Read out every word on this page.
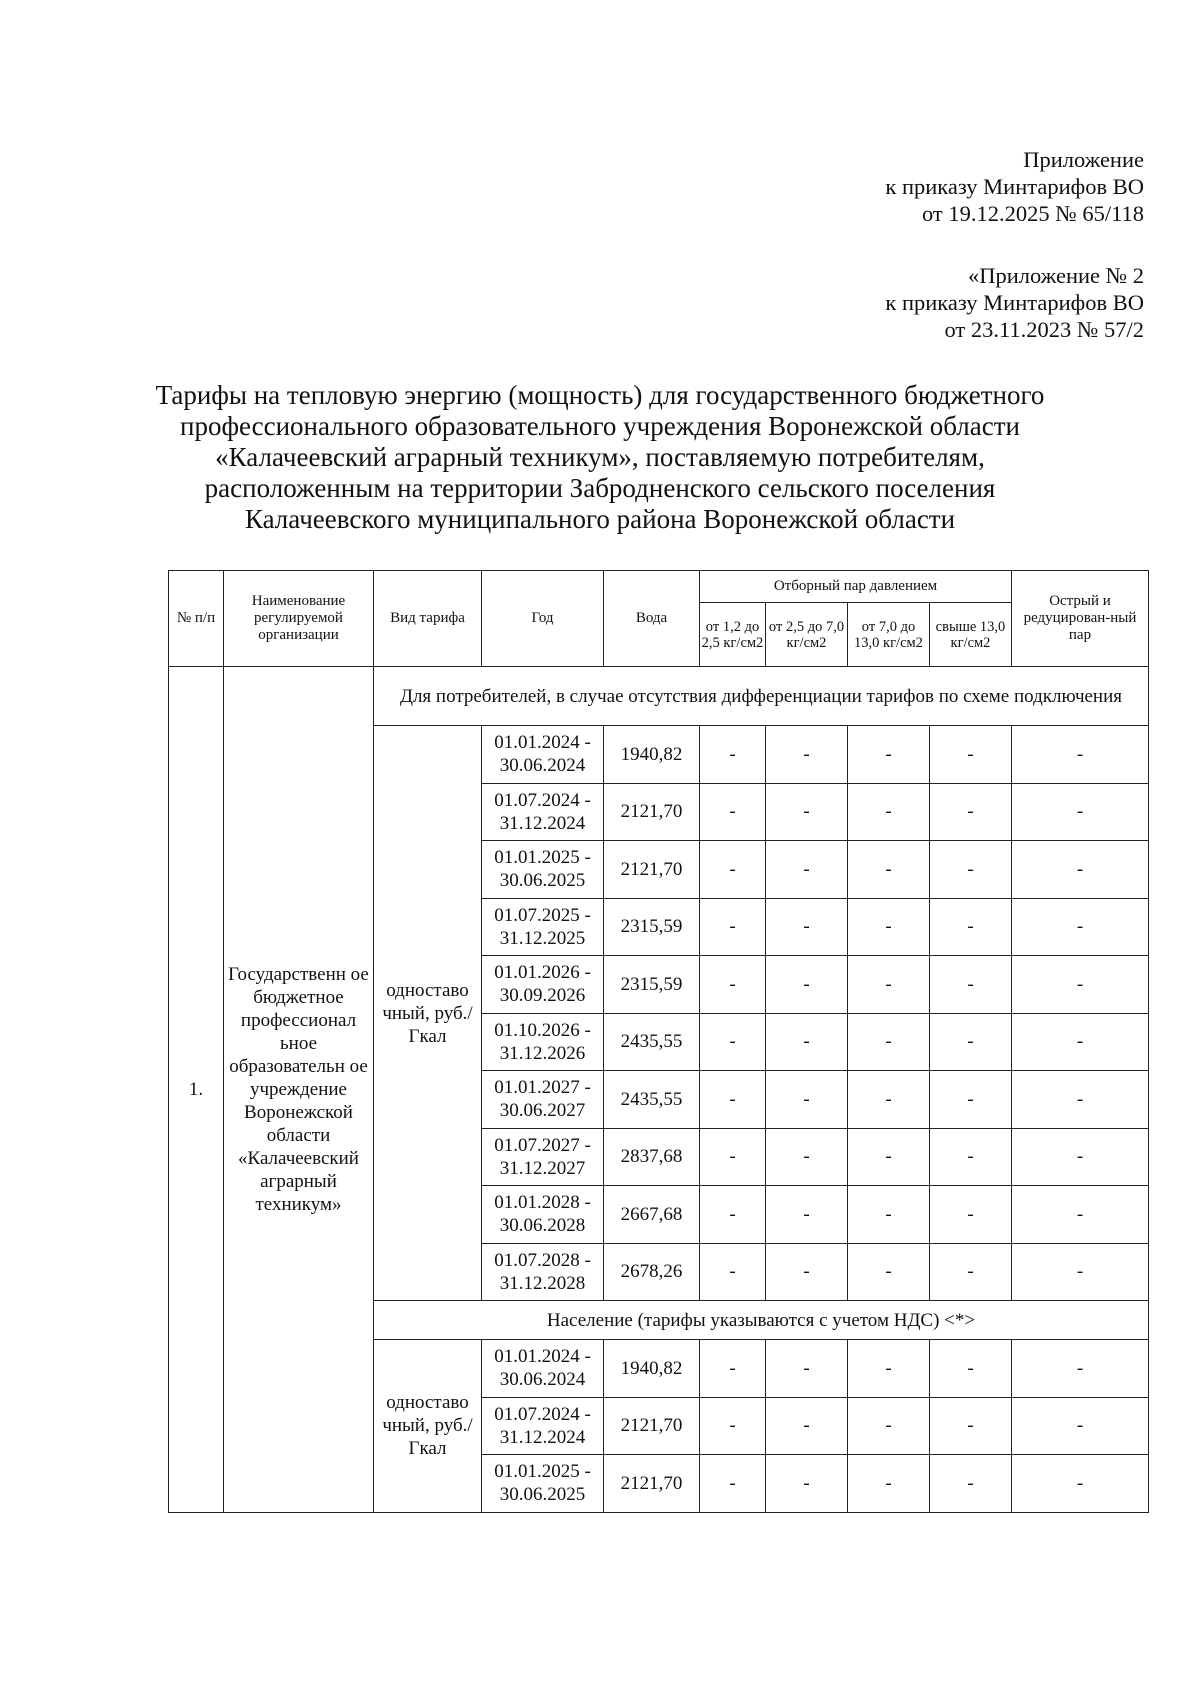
Приложение
к приказу Минтарифов ВО
от 19.12.2025 № 65/118
«Приложение № 2
к приказу Минтарифов ВО
от 23.11.2023 № 57/2
Тарифы на тепловую энергию (мощность) для государственного бюджетного
профессионального образовательного учреждения Воронежской области
«Калачеевский аграрный техникум», поставляемую потребителям,
расположенным на территории Забродненского сельского поселения
Калачеевского муниципального района Воронежской области
№ п/п	Наименование регулируемой организации	Вид тарифа	Год	Вода	Отборный пар давлением				Острый и редуцирован-ный пар
					от 1,2 до 2,5 кг/см2	от 2,5 до 7,0 кг/см2	от 7,0 до 13,0 кг/см2	свыше 13,0 кг/см2	
1.	Государственн ое бюджетное профессионал ьное образовательн ое учреждение Воронежской области «Калачеевский аграрный техникум»	Для потребителей, в случае отсутствия дифференциации тарифов по схеме подключения							
		одноставо чный, руб./Гкал	01.01.2024 -
30.06.2024	1940,82	-	-	-	-	-

			01.07.2024 -
31.12.2024	2121,70	-	-	-	-	-

			01.01.2025 -
30.06.2025	2121,70	-	-	-	-	-

			01.07.2025 -
31.12.2025	2315,59	-	-	-	-	-

			01.01.2026 -
30.09.2026	2315,59	-	-	-	-	-

			01.10.2026 -
31.12.2026	2435,55	-	-	-	-	-

			01.01.2027 -
30.06.2027	2435,55	-	-	-	-	-

			01.07.2027 -
31.12.2027	2837,68	-	-	-	-	-

			01.01.2028 -
30.06.2028	2667,68	-	-	-	-	-

			01.07.2028 -
31.12.2028	2678,26	-	-	-	-	-
		Население (тарифы указываются с учетом НДС) <*>							
		одноставо чный, руб./Гкал	01.01.2024 -
30.06.2024	1940,82	-	-	-	-	-

			01.07.2024 -
31.12.2024	2121,70	-	-	-	-	-

			01.01.2025 -
30.06.2025	2121,70	-	-	-	-	-
